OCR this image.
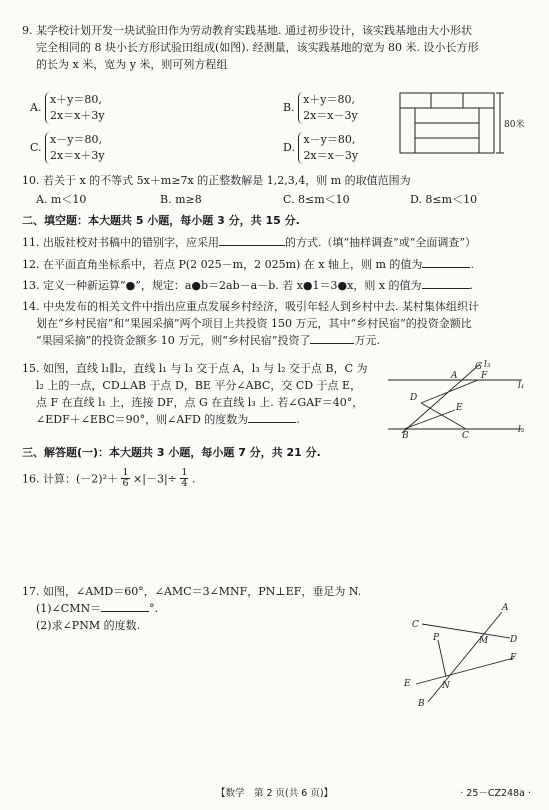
9. 某学校计划开发一块试验田作为劳动教育实践基地. 通过初步设计，该实践基地由大小形状
完全相同的 8 块小长方形试验田组成(如图). 经测量，该实践基地的宽为 80 米. 设小长方形
的长为 x 米，宽为 y 米，则可列方程组
A. x＋y＝80,
2x＝x＋3y
B. x＋y＝80,
2x＝x－3y
C. x－y＝80,
2x＝x＋3y
D. x－y＝80,
2x＝x－3y
80米
10. 若关于 x 的不等式 5x＋m≥7x 的正整数解是 1,2,3,4，则 m 的取值范围为
A. m＜10	B. m≥8	C. 8≤m＜10	D. 8≤m＜10
二、填空题：本大题共 5 小题，每小题 3 分，共 15 分.
11. 出版社校对书稿中的错别字，应采用	的方式.（填“抽样调查”或“全面调查”）
12. 在平面直角坐标系中，若点 P(2 025－m，2 025m) 在 x 轴上，则 m 的值为	.
13. 定义一种新运算“●”，规定：a●b＝2ab－a－b. 若 x●1＝3●x，则 x 的值为	.
14. 中央发布的相关文件中指出应重点发展乡村经济，吸引年轻人到乡村中去. 某村集体组织计
划在“乡村民宿”和“果园采摘”两个项目上共投资 150 万元，其中“乡村民宿”的投资金额比
“果园采摘”的投资金额多 10 万元，则“乡村民宿”投资了	万元.
15. 如图，直线 l₁∥l₂，直线 l₁ 与 l₃ 交于点 A，l₃ 与 l₂ 交于点 B，C 为
l₂ 上的一点，CD⊥AB 于点 D，BE 平分∠ABC，交 CD 于点 E，
点 F 在直线 l₁ 上，连接 DF，点 G 在直线 l₃ 上. 若∠GAF＝40°，
∠EDF＋∠EBC＝90°，则∠AFD 的度数为	.
G l₃
A	F
l₁
D
E
B	C
l₂
三、解答题(一)：本大题共 3 小题，每小题 7 分，共 21 分.
16. 计算：$(-2)^2+ \frac{1}{6} \times|-3|\div \frac{1}{4}$ .
17. 如图，∠AMD＝60°，∠AMC＝3∠MNF，PN⊥EF，垂足为 N.
(1)∠CMN＝	°.
(2)求∠PNM 的度数.	C
A
P	M D
F
E	N
B
【数学　第 2 页(共 6 页)】	· 25－CZ248a ·
